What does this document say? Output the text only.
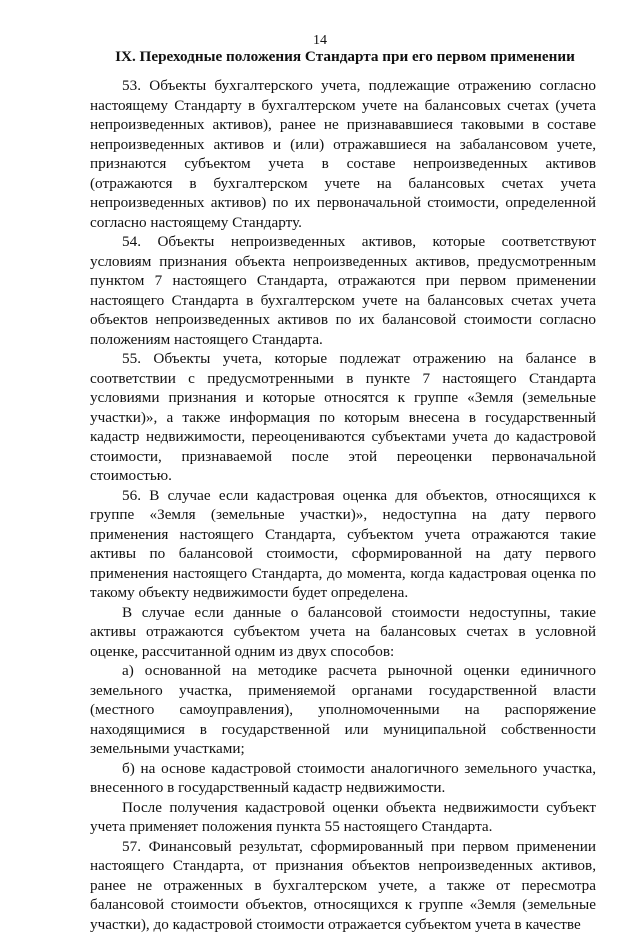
14
IX. Переходные положения Стандарта при его первом применении

53. Объекты бухгалтерского учета, подлежащие отражению согласно настоящему Стандарту в бухгалтерском учете на балансовых счетах (учета непроизведенных активов), ранее не признававшиеся таковыми в составе непроизведенных активов и (или) отражавшиеся на забалансовом учете, признаются субъектом учета в составе непроизведенных активов (отражаются в бухгалтерском учете на балансовых счетах учета непроизведенных активов) по их первоначальной стоимости, определенной согласно настоящему Стандарту.

54. Объекты непроизведенных активов, которые соответствуют условиям признания объекта непроизведенных активов, предусмотренным пунктом 7 настоящего Стандарта, отражаются при первом применении настоящего Стандарта в бухгалтерском учете на балансовых счетах учета объектов непроизведенных активов по их балансовой стоимости согласно положениям настоящего Стандарта.

55. Объекты учета, которые подлежат отражению на балансе в соответствии с предусмотренными в пункте 7 настоящего Стандарта условиями признания и которые относятся к группе «Земля (земельные участки)», а также информация по которым внесена в государственный кадастр недвижимости, переоцениваются субъектами учета до кадастровой стоимости, признаваемой после этой переоценки первоначальной стоимостью.

56. В случае если кадастровая оценка для объектов, относящихся к группе «Земля (земельные участки)», недоступна на дату первого применения настоящего Стандарта, субъектом учета отражаются такие активы по балансовой стоимости, сформированной на дату первого применения настоящего Стандарта, до момента, когда кадастровая оценка по такому объекту недвижимости будет определена.

В случае если данные о балансовой стоимости недоступны, такие активы отражаются субъектом учета на балансовых счетах в условной оценке, рассчитанной одним из двух способов:

а) основанной на методике расчета рыночной оценки единичного земельного участка, применяемой органами государственной власти (местного самоуправления), уполномоченными на распоряжение находящимися в государственной или муниципальной собственности земельными участками;

б) на основе кадастровой стоимости аналогичного земельного участка, внесенного в государственный кадастр недвижимости.

После получения кадастровой оценки объекта недвижимости субъект учета применяет положения пункта 55 настоящего Стандарта.

57. Финансовый результат, сформированный при первом применении настоящего Стандарта, от признания объектов непроизведенных активов, ранее не отраженных в бухгалтерском учете, а также от пересмотра балансовой стоимости объектов, относящихся к группе «Земля (земельные участки), до кадастровой стоимости отражается субъектом учета в качестве
